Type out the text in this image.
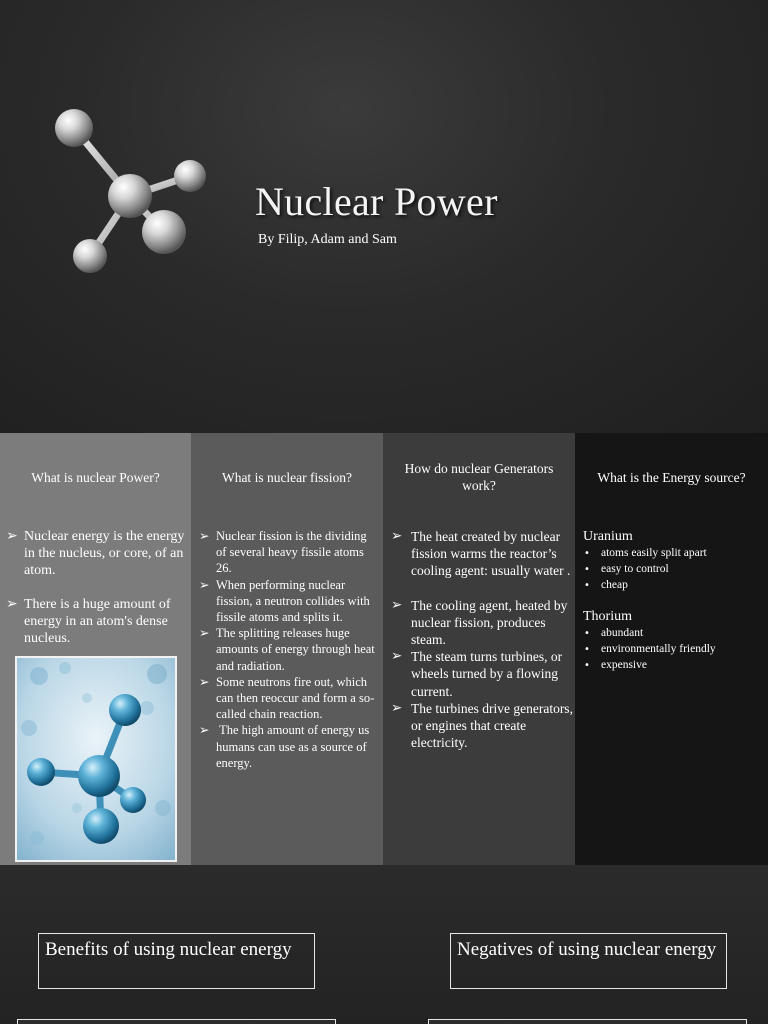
Nuclear Power
By Filip, Adam and Sam
What is nuclear Power?
➢ Nuclear energy is the energy in the nucleus, or core, of an atom.
➢ There is a huge amount of energy in an atom's dense nucleus.
What is nuclear fission?
➢ Nuclear fission is the dividing of several heavy fissile atoms 26.
➢ When performing nuclear fission, a neutron collides with fissile atoms and splits it.
➢ The splitting releases huge amounts of energy through heat and radiation.
➢ Some neutrons fire out, which can then reoccur and form a so-called chain reaction.
➢ The high amount of energy us humans can use as a source of energy.
How do nuclear Generators work?
➢ The heat created by nuclear fission warms the reactor’s cooling agent: usually water .
➢ The cooling agent, heated by nuclear fission, produces steam.
➢ The steam turns turbines, or wheels turned by a flowing current.
➢ The turbines drive generators, or engines that create electricity.
What is the Energy source?
Uranium
• atoms easily split apart
• easy to control
• cheap
Thorium
• abundant
• environmentally friendly
• expensive
Benefits of using nuclear energy	Negatives of using nuclear energy
